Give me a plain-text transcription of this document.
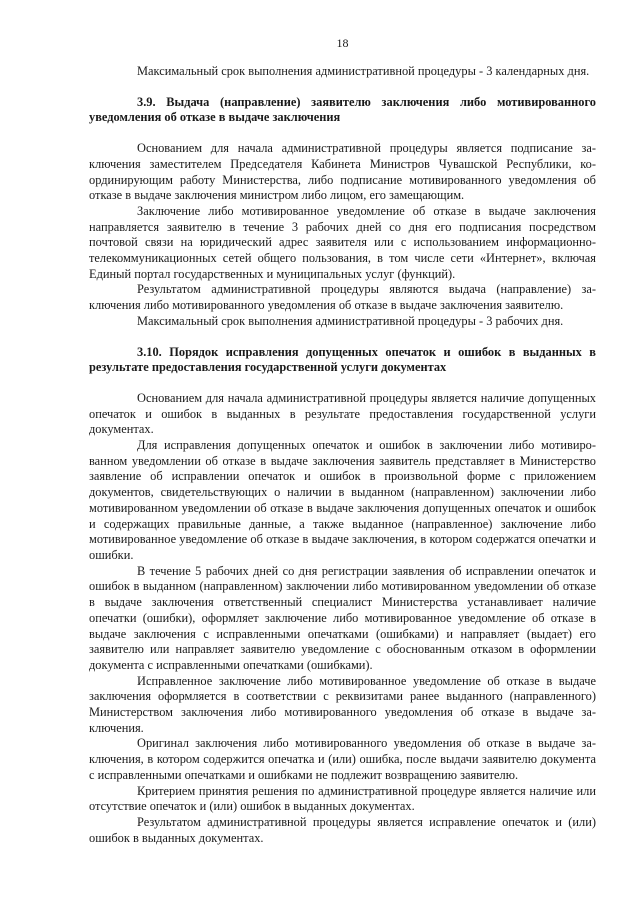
18

Максимальный срок выполнения административной процедуры - 3 календарных дня.

3.9. Выдача (направление) заявителю заключения либо мотивированного уведомления об отказе в выдаче заключения

Основанием для начала административной процедуры является подписание заключения заместителем Председателя Кабинета Министров Чувашской Республики, координирующим работу Министерства, либо подписание мотивированного уведомления об отказе в выдаче заключения министром либо лицом, его замещающим.

Заключение либо мотивированное уведомление об отказе в выдаче заключения направляется заявителю в течение 3 рабочих дней со дня его подписания посредством почтовой связи на юридический адрес заявителя или с использованием информационно-телекоммуникационных сетей общего пользования, в том числе сети «Интернет», включая Единый портал государственных и муниципальных услуг (функций).

Результатом административной процедуры являются выдача (направление) заключения либо мотивированного уведомления об отказе в выдаче заключения заявителю.

Максимальный срок выполнения административной процедуры - 3 рабочих дня.

3.10. Порядок исправления допущенных опечаток и ошибок в выданных в результате предоставления государственной услуги документах

Основанием для начала административной процедуры является наличие допущенных опечаток и ошибок в выданных в результате предоставления государственной услуги документах.

Для исправления допущенных опечаток и ошибок в заключении либо мотивированном уведомлении об отказе в выдаче заключения заявитель представляет в Министерство заявление об исправлении опечаток и ошибок в произвольной форме с приложением документов, свидетельствующих о наличии в выданном (направленном) заключении либо мотивированном уведомлении об отказе в выдаче заключения допущенных опечаток и ошибок и содержащих правильные данные, а также выданное (направленное) заключение либо мотивированное уведомление об отказе в выдаче заключения, в котором содержатся опечатки и ошибки.

В течение 5 рабочих дней со дня регистрации заявления об исправлении опечаток и ошибок в выданном (направленном) заключении либо мотивированном уведомлении об отказе в выдаче заключения ответственный специалист Министерства устанавливает наличие опечатки (ошибки), оформляет заключение либо мотивированное уведомление об отказе в выдаче заключения с исправленными опечатками (ошибками) и направляет (выдает) его заявителю или направляет заявителю уведомление с обоснованным отказом в оформлении документа с исправленными опечатками (ошибками).

Исправленное заключение либо мотивированное уведомление об отказе в выдаче заключения оформляется в соответствии с реквизитами ранее выданного (направленного) Министерством заключения либо мотивированного уведомления об отказе в выдаче заключения.

Оригинал заключения либо мотивированного уведомления об отказе в выдаче заключения, в котором содержится опечатка и (или) ошибка, после выдачи заявителю документа с исправленными опечатками и ошибками не подлежит возвращению заявителю.

Критерием принятия решения по административной процедуре является наличие или отсутствие опечаток и (или) ошибок в выданных документах.

Результатом административной процедуры является исправление опечаток и (или) ошибок в выданных документах.
